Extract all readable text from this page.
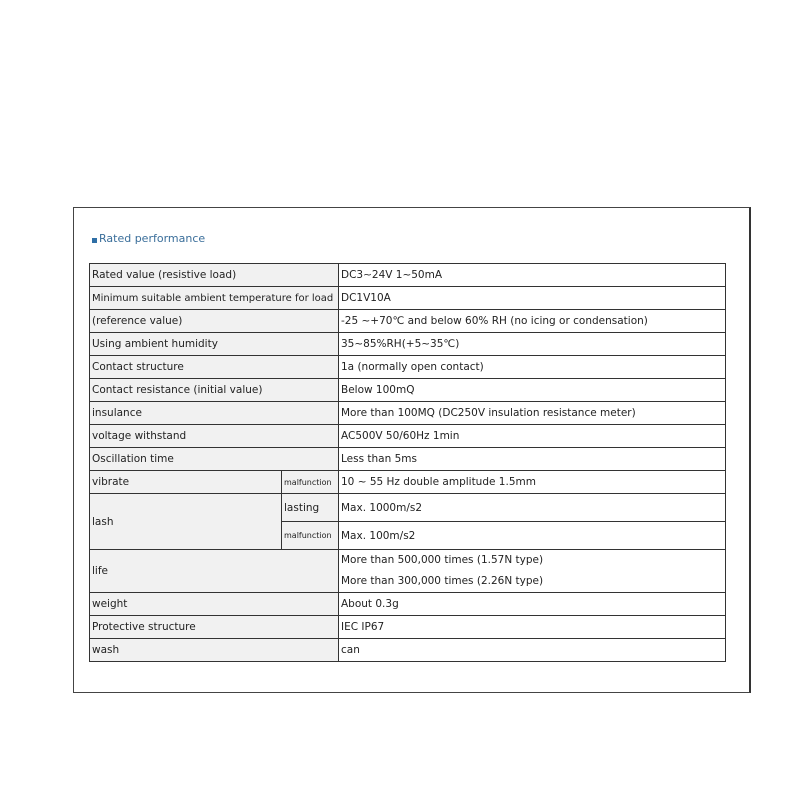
Rated performance
Rated value (resistive load)		DC3∼24V 1~50mA
Minimum suitable ambient temperature for load		DC1V10A
(reference value)		-25 ~+70℃ and below 60% RH (no icing or condensation)
Using ambient humidity		35~85%RH(+5~35℃)
Contact structure		1a (normally open contact)
Contact resistance (initial value)		Below 100mQ
insulance		More than 100MQ (DC250V insulation resistance meter)
voltage withstand		AC500V 50/60Hz 1min
Oscillation time		Less than 5ms
vibrate	malfunction	10 ~ 55 Hz double amplitude 1.5mm
lash	lasting	Max. 1000m/s2
	malfunction	Max. 100m/s2
life		More than 500,000 times (1.57N type)
More than 300,000 times (2.26N type)

weight		About 0.3g
Protective structure		IEC IP67
wash		can
